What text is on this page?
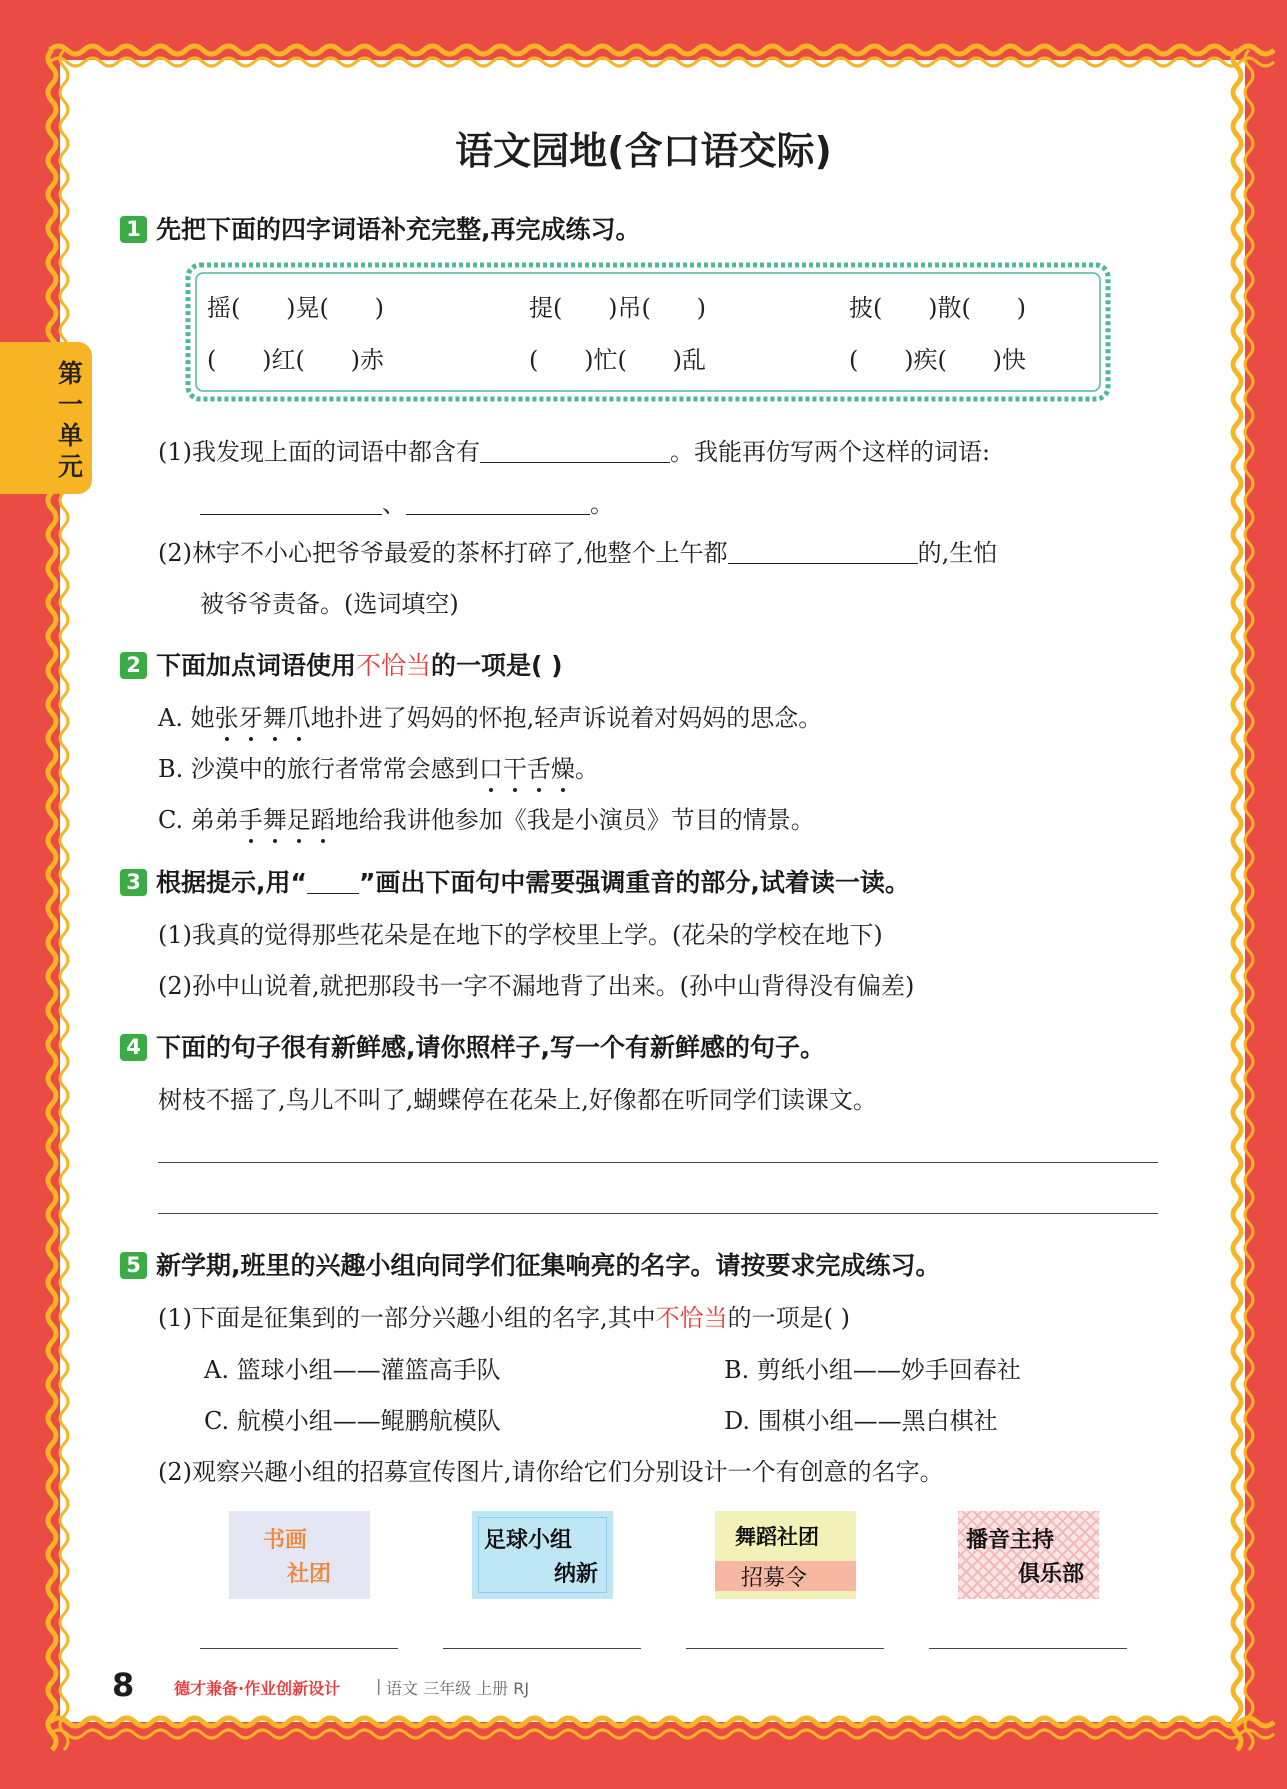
第一单元
语文园地(含口语交际)
1 先把下面的四字词语补充完整,再完成练习。
摇(      )晃(      )	提(      )吊(      )	披(      )散(      )
(      )红(      )赤	(      )忙(      )乱	(      )疾(      )快
(1)我发现上面的词语中都含有	。我能再仿写两个这样的词语:
、	。
(2)林宇不小心把爷爷最爱的茶杯打碎了,他整个上午都	的,生怕
被爷爷责备。(选词填空)
2 下面加点词语使用不恰当的一项是( )
A. 她张牙舞爪地扑进了妈妈的怀抱,轻声诉说着对妈妈的思念。
B. 沙漠中的旅行者常常会感到口干舌燥。
C. 弟弟手舞足蹈地给我讲他参加《我是小演员》节目的情景。
3 根据提示,用“ ”画出下面句中需要强调重音的部分,试着读一读。
(1)我真的觉得那些花朵是在地下的学校里上学。(花朵的学校在地下)
(2)孙中山说着,就把那段书一字不漏地背了出来。(孙中山背得没有偏差)
4 下面的句子很有新鲜感,请你照样子,写一个有新鲜感的句子。
树枝不摇了,鸟儿不叫了,蝴蝶停在花朵上,好像都在听同学们读课文。
5 新学期,班里的兴趣小组向同学们征集响亮的名字。请按要求完成练习。
(1)下面是征集到的一部分兴趣小组的名字,其中不恰当的一项是( )
A. 篮球小组——灌篮高手队	B. 剪纸小组——妙手回春社
C. 航模小组——鲲鹏航模队	D. 围棋小组——黑白棋社
(2)观察兴趣小组的招募宣传图片,请你给它们分别设计一个有创意的名字。
书画
社团
足球小组
纳新
舞蹈社团
招募令
播音主持
俱乐部
8 德才兼备·作业创新设计 | 语文 三年级 上册 RJ
